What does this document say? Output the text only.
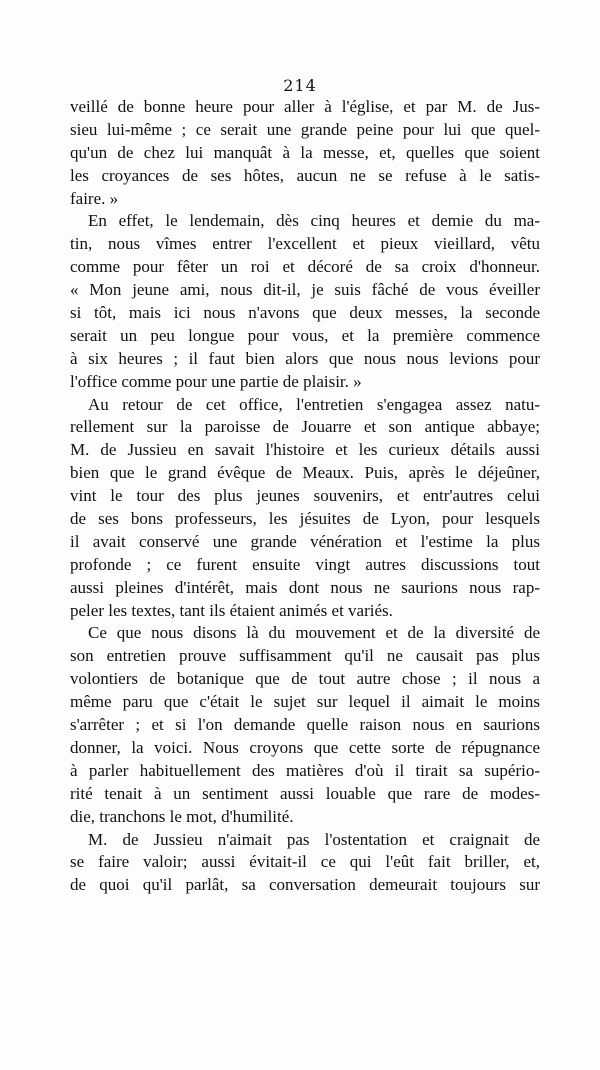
214
veillé de bonne heure pour aller à l'église, et par M. de Jus-
sieu lui-même ; ce serait une grande peine pour lui que quel-
qu'un de chez lui manquât à la messe, et, quelles que soient
les croyances de ses hôtes, aucun ne se refuse à le satis-
faire. »
En effet, le lendemain, dès cinq heures et demie du ma-
tin, nous vîmes entrer l'excellent et pieux vieillard, vêtu
comme pour fêter un roi et décoré de sa croix d'honneur.
« Mon jeune ami, nous dit-il, je suis fâché de vous éveiller
si tôt, mais ici nous n'avons que deux messes, la seconde
serait un peu longue pour vous, et la première commence
à six heures ; il faut bien alors que nous nous levions pour
l'office comme pour une partie de plaisir. »
Au retour de cet office, l'entretien s'engagea assez natu-
rellement sur la paroisse de Jouarre et son antique abbaye;
M. de Jussieu en savait l'histoire et les curieux détails aussi
bien que le grand évêque de Meaux. Puis, après le déjeûner,
vint le tour des plus jeunes souvenirs, et entr'autres celui
de ses bons professeurs, les jésuites de Lyon, pour lesquels
il avait conservé une grande vénération et l'estime la plus
profonde ; ce furent ensuite vingt autres discussions tout
aussi pleines d'intérêt, mais dont nous ne saurions nous rap-
peler les textes, tant ils étaient animés et variés.
Ce que nous disons là du mouvement et de la diversité de
son entretien prouve suffisamment qu'il ne causait pas plus
volontiers de botanique que de tout autre chose ; il nous a
même paru que c'était le sujet sur lequel il aimait le moins
s'arrêter ; et si l'on demande quelle raison nous en saurions
donner, la voici. Nous croyons que cette sorte de répugnance
à parler habituellement des matières d'où il tirait sa supério-
rité tenait à un sentiment aussi louable que rare de modes-
die, tranchons le mot, d'humilité.
M. de Jussieu n'aimait pas l'ostentation et craignait de
se faire valoir; aussi évitait-il ce qui l'eût fait briller, et,
de quoi qu'il parlât, sa conversation demeurait toujours sur
